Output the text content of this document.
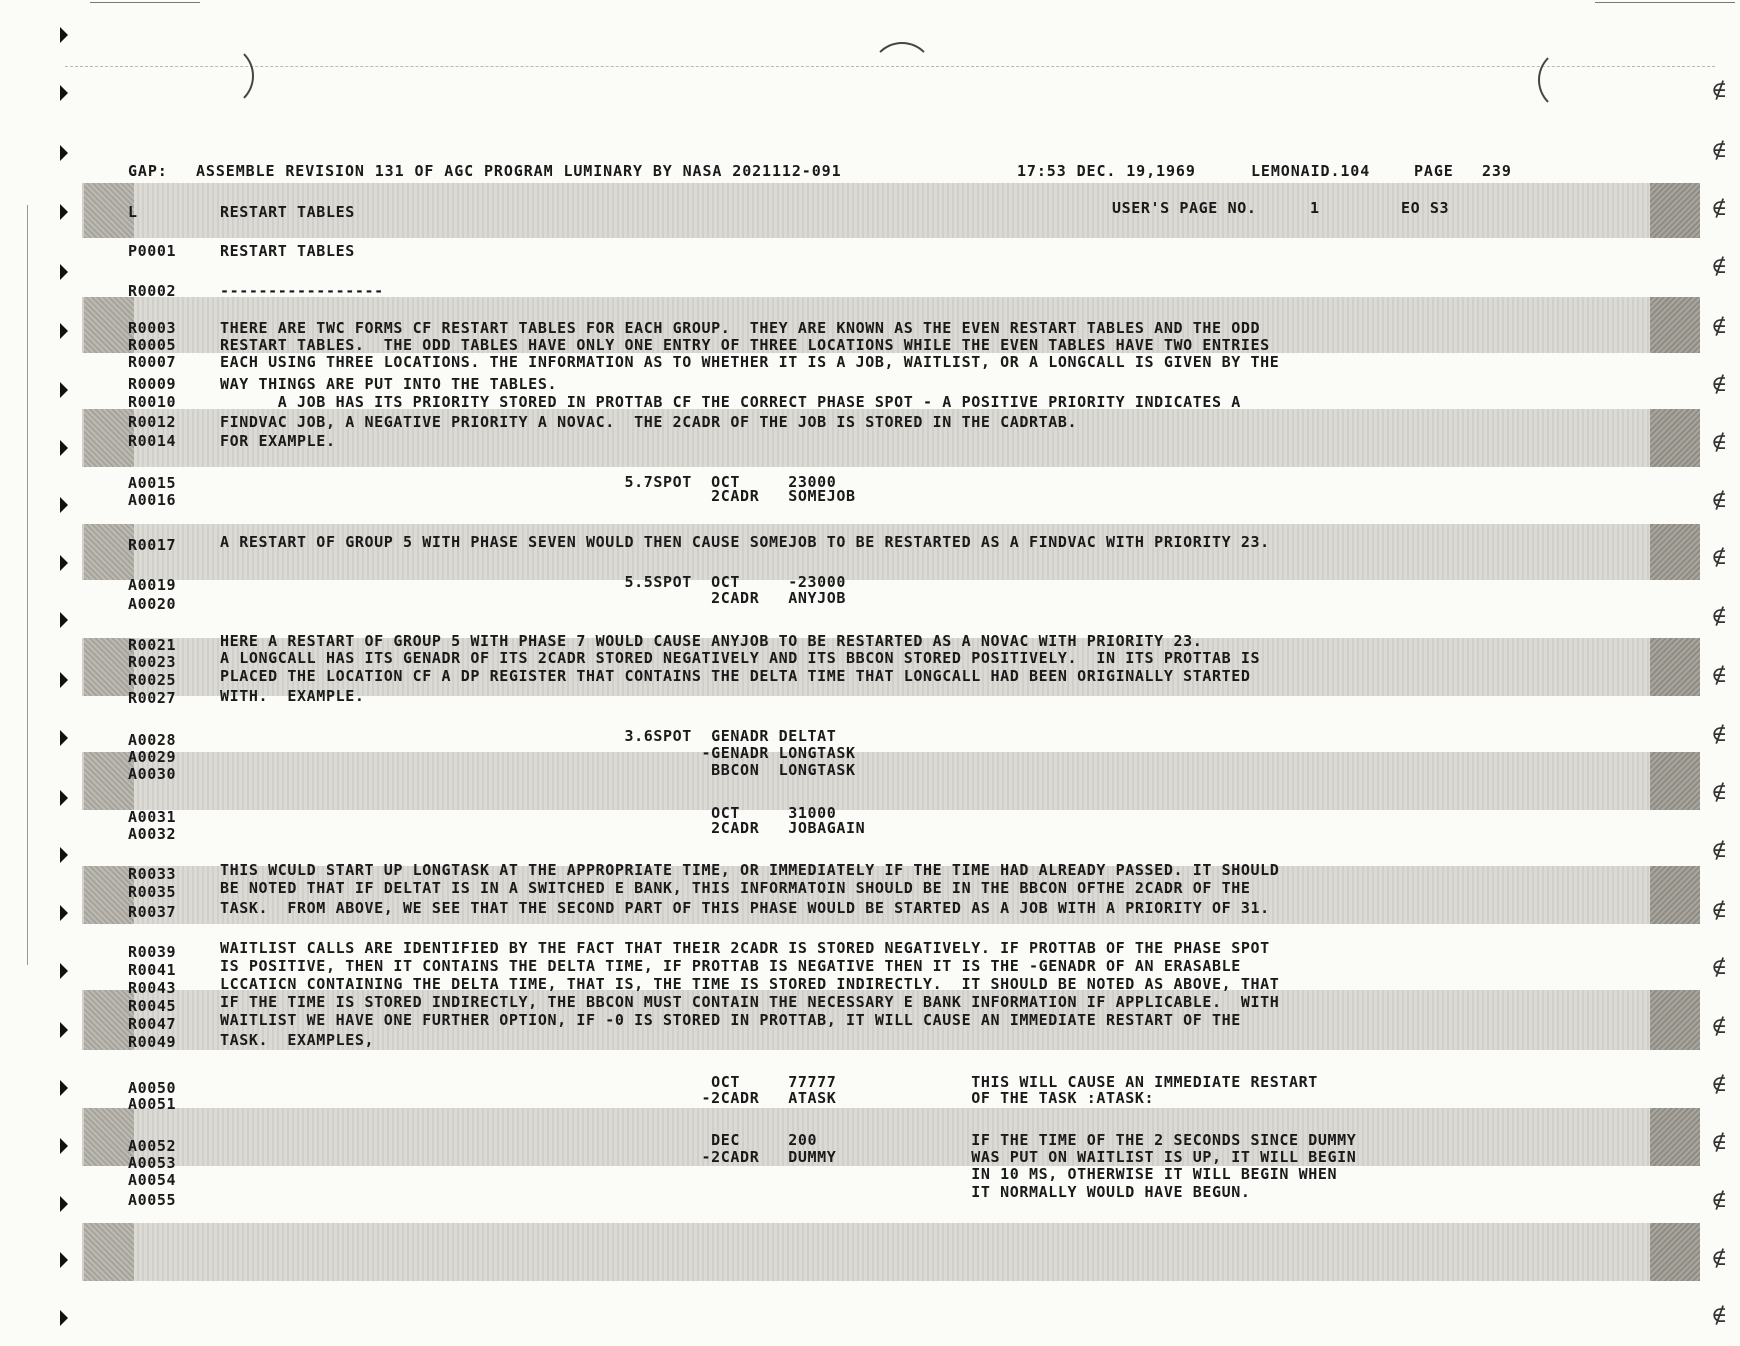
∉
∉
∉
∉
∉
∉
∉
∉
∉
∉
∉
∉
∉
∉
∉
∉
∉
∉
∉
∉
∉
∉
GAP: ASSEMBLE REVISION 131 OF AGC PROGRAM LUMINARY BY NASA 2021112-091	17:53 DEC. 19,1969	LEMONAID.104	PAGE 239
L	RESTART TABLES	USER'S PAGE NO.	1	EO S3
P0001	RESTART TABLES
R0002	-----------------
R0003	THERE ARE TWC FORMS CF RESTART TABLES FOR EACH GROUP.  THEY ARE KNOWN AS THE EVEN RESTART TABLES AND THE ODD
R0005	RESTART TABLES.  THE ODD TABLES HAVE ONLY ONE ENTRY OF THREE LOCATIONS WHILE THE EVEN TABLES HAVE TWO ENTRIES
R0007	EACH USING THREE LOCATIONS. THE INFORMATION AS TO WHETHER IT IS A JOB, WAITLIST, OR A LONGCALL IS GIVEN BY THE
R0009	WAY THINGS ARE PUT INTO THE TABLES.
R0010	A JOB HAS ITS PRIORITY STORED IN PROTTAB CF THE CORRECT PHASE SPOT - A POSITIVE PRIORITY INDICATES A
R0012	FINDVAC JOB, A NEGATIVE PRIORITY A NOVAC.  THE 2CADR OF THE JOB IS STORED IN THE CADRTAB.
R0014	FOR EXAMPLE.
A0015	5.7SPOT  OCT     23000
A0016	2CADR   SOMEJOB
R0017	A RESTART OF GROUP 5 WITH PHASE SEVEN WOULD THEN CAUSE SOMEJOB TO BE RESTARTED AS A FINDVAC WITH PRIORITY 23.
A0019	5.5SPOT  OCT     -23000
A0020	2CADR   ANYJOB
R0021	HERE A RESTART OF GROUP 5 WITH PHASE 7 WOULD CAUSE ANYJOB TO BE RESTARTED AS A NOVAC WITH PRIORITY 23.
R0023	A LONGCALL HAS ITS GENADR OF ITS 2CADR STORED NEGATIVELY AND ITS BBCON STORED POSITIVELY.  IN ITS PROTTAB IS
R0025	PLACED THE LOCATION CF A DP REGISTER THAT CONTAINS THE DELTA TIME THAT LONGCALL HAD BEEN ORIGINALLY STARTED
R0027	WITH.  EXAMPLE.
A0028	3.6SPOT  GENADR DELTAT
A0029	-GENADR LONGTASK
A0030	BBCON  LONGTASK
A0031	OCT     31000
A0032	2CADR   JOBAGAIN
R0033	THIS WCULD START UP LONGTASK AT THE APPROPRIATE TIME, OR IMMEDIATELY IF THE TIME HAD ALREADY PASSED. IT SHOULD
R0035	BE NOTED THAT IF DELTAT IS IN A SWITCHED E BANK, THIS INFORMATOIN SHOULD BE IN THE BBCON OFTHE 2CADR OF THE
R0037	TASK.  FROM ABOVE, WE SEE THAT THE SECOND PART OF THIS PHASE WOULD BE STARTED AS A JOB WITH A PRIORITY OF 31.
R0039	WAITLIST CALLS ARE IDENTIFIED BY THE FACT THAT THEIR 2CADR IS STORED NEGATIVELY. IF PROTTAB OF THE PHASE SPOT
R0041	IS POSITIVE, THEN IT CONTAINS THE DELTA TIME, IF PROTTAB IS NEGATIVE THEN IT IS THE -GENADR OF AN ERASABLE
R0043	LCCATICN CONTAINING THE DELTA TIME, THAT IS, THE TIME IS STORED INDIRECTLY.  IT SHOULD BE NOTED AS ABOVE, THAT
R0045	IF THE TIME IS STORED INDIRECTLY, THE BBCON MUST CONTAIN THE NECESSARY E BANK INFORMATION IF APPLICABLE.  WITH
R0047	WAITLIST WE HAVE ONE FURTHER OPTION, IF -0 IS STORED IN PROTTAB, IT WILL CAUSE AN IMMEDIATE RESTART OF THE
R0049	TASK.  EXAMPLES,
A0050	OCT     77777              THIS WILL CAUSE AN IMMEDIATE RESTART
A0051	-2CADR   ATASK              OF THE TASK :ATASK:
A0052	DEC     200                IF THE TIME OF THE 2 SECONDS SINCE DUMMY
A0053	-2CADR   DUMMY              WAS PUT ON WAITLIST IS UP, IT WILL BEGIN
A0054	IN 10 MS, OTHERWISE IT WILL BEGIN WHEN
A0055	IT NORMALLY WOULD HAVE BEGUN.
